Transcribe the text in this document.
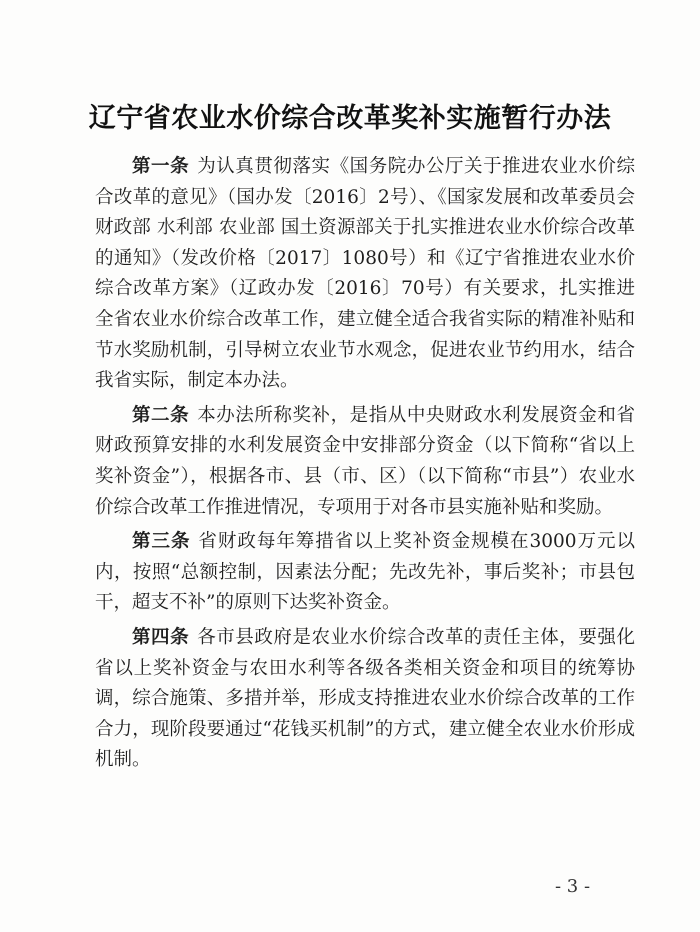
辽宁省农业水价综合改革奖补实施暂行办法

第一条 为认真贯彻落实《国务院办公厅关于推进农业水价综合改革的意见》（国办发〔2016〕2号）、《国家发展和改革委员会 财政部 水利部 农业部 国土资源部关于扎实推进农业水价综合改革的通知》（发改价格〔2017〕1080号）和《辽宁省推进农业水价综合改革方案》（辽政办发〔2016〕70号）有关要求，扎实推进全省农业水价综合改革工作，建立健全适合我省实际的精准补贴和节水奖励机制，引导树立农业节水观念，促进农业节约用水，结合我省实际，制定本办法。

第二条 本办法所称奖补，是指从中央财政水利发展资金和省财政预算安排的水利发展资金中安排部分资金（以下简称“省以上奖补资金”），根据各市、县（市、区）（以下简称“市县”）农业水价综合改革工作推进情况，专项用于对各市县实施补贴和奖励。

第三条 省财政每年筹措省以上奖补资金规模在3000万元以内，按照“总额控制，因素法分配；先改先补，事后奖补；市县包干，超支不补”的原则下达奖补资金。

第四条 各市县政府是农业水价综合改革的责任主体，要强化省以上奖补资金与农田水利等各级各类相关资金和项目的统筹协调，综合施策、多措并举，形成支持推进农业水价综合改革的工作合力，现阶段要通过“花钱买机制”的方式，建立健全农业水价形成机制。

- 3 -
